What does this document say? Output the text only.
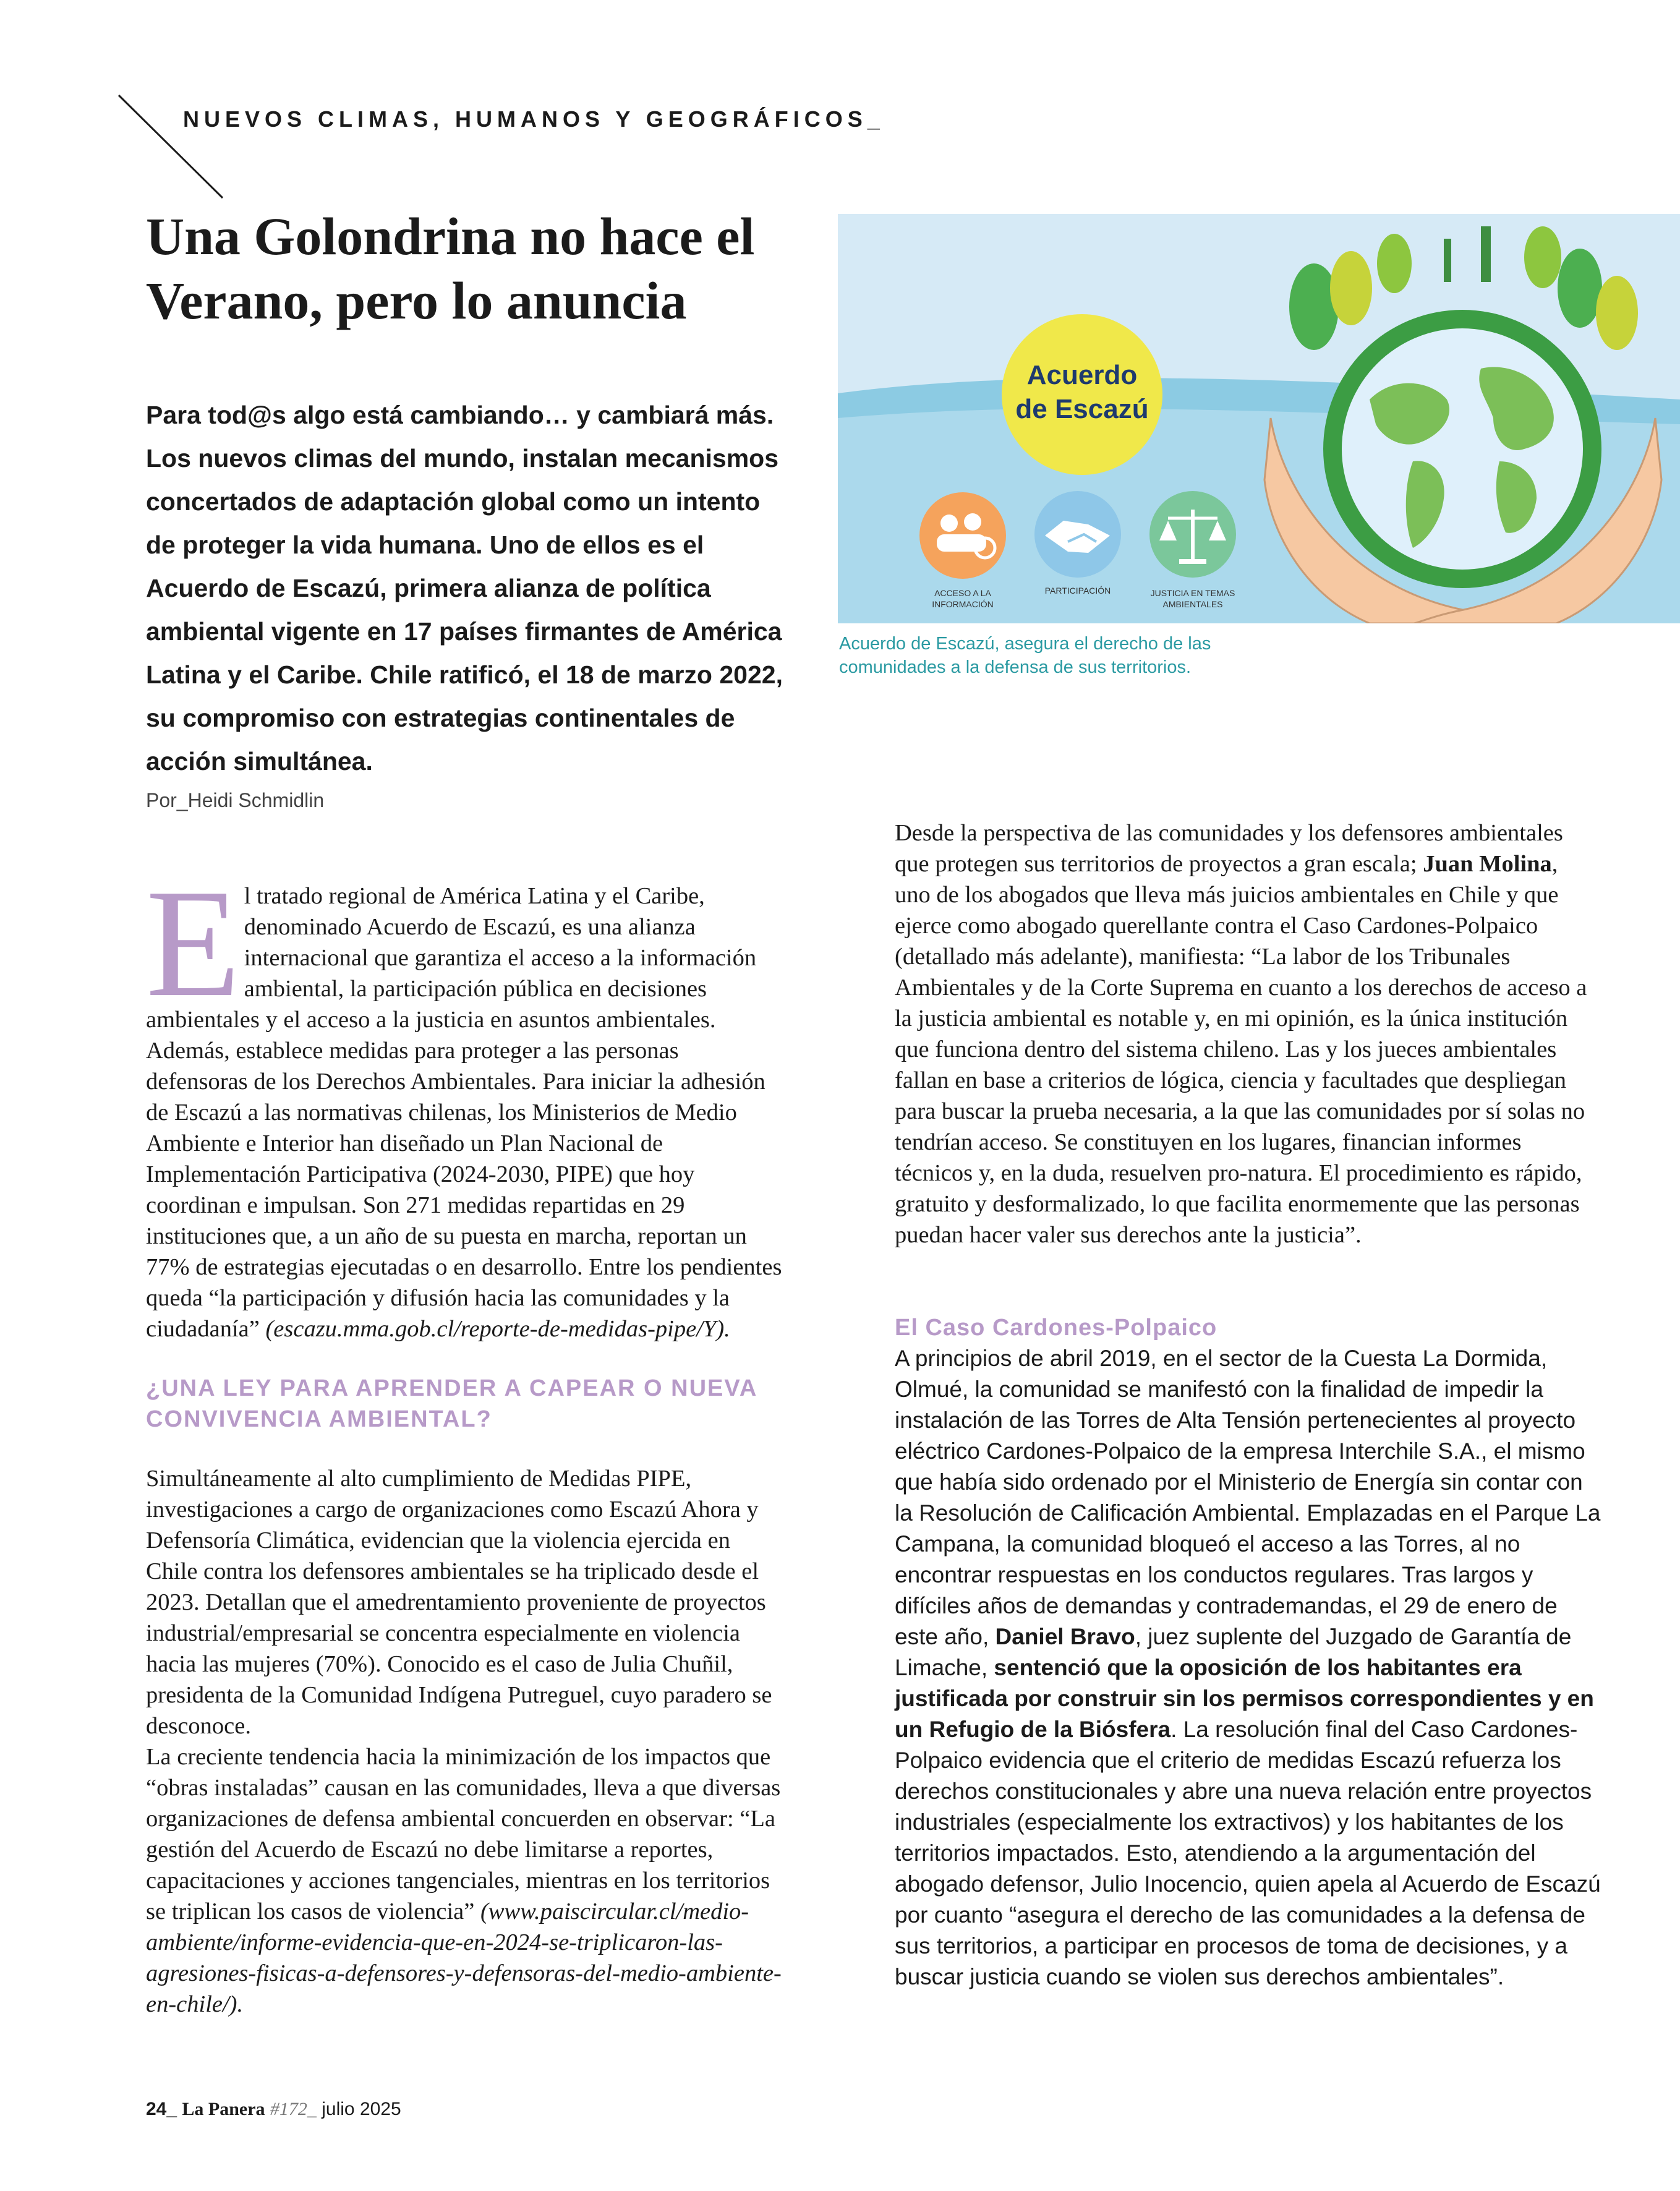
NUEVOS CLIMAS, HUMANOS Y GEOGRÁFICOS_
Una Golondrina no hace el Verano, pero lo anuncia
Para tod@s algo está cambiando… y cambiará más. Los nuevos climas del mundo, instalan mecanismos concertados de adaptación global como un intento de proteger la vida humana. Uno de ellos es el Acuerdo de Escazú, primera alianza de política ambiental vigente en 17 países firmantes de América Latina y el Caribe. Chile ratificó, el 18 de marzo 2022, su compromiso con estrategias continentales de acción simultánea.
Por_Heidi Schmidlin
Acuerdo
de Escazú
ACCESO A LA
INFORMACIÓN
PARTICIPACIÓN	JUSTICIA EN TEMAS
AMBIENTALES
Acuerdo de Escazú, asegura el derecho de las comunidades a la defensa de sus territorios.

El tratado regional de América Latina y el Caribe, denominado Acuerdo de Escazú, es una alianza internacional que garantiza el acceso a la información ambiental, la participación pública en decisiones ambientales y el acceso a la justicia en asuntos ambientales. Además, establece medidas para proteger a las personas defensoras de los Derechos Ambientales. Para iniciar la adhesión de Escazú a las normativas chilenas, los Ministerios de Medio Ambiente e Interior han diseñado un Plan Nacional de Implementación Participativa (2024-2030, PIPE) que hoy coordinan e impulsan. Son 271 medidas repartidas en 29 instituciones que, a un año de su puesta en marcha, reportan un 77% de estrategias ejecutadas o en desarrollo. Entre los pendientes queda “la participación y difusión hacia las comunidades y la ciudadanía” (escazu.mma.gob.cl/reporte-de-medidas-pipe/Y).

¿UNA LEY PARA APRENDER A CAPEAR O NUEVA CONVIVENCIA AMBIENTAL?

Simultáneamente al alto cumplimiento de Medidas PIPE, investigaciones a cargo de organizaciones como Escazú Ahora y Defensoría Climática, evidencian que la violencia ejercida en Chile contra los defensores ambientales se ha triplicado desde el 2023. Detallan que el amedrentamiento proveniente de proyectos industrial/empresarial se concentra especialmente en violencia hacia las mujeres (70%). Conocido es el caso de Julia Chuñil, presidenta de la Comunidad Indígena Putreguel, cuyo paradero se desconoce.

La creciente tendencia hacia la minimización de los impactos que “obras instaladas” causan en las comunidades, lleva a que diversas organizaciones de defensa ambiental concuerden en observar: “La gestión del Acuerdo de Escazú no debe limitarse a reportes, capacitaciones y acciones tangenciales, mientras en los territorios se triplican los casos de violencia” (www.paiscircular.cl/medio-ambiente/informe-evidencia-que-en-2024-se-triplicaron-las-agresiones-fisicas-a-defensores-y-defensoras-del-medio-ambiente-en-chile/).

Desde la perspectiva de las comunidades y los defensores ambientales que protegen sus territorios de proyectos a gran escala; Juan Molina, uno de los abogados que lleva más juicios ambientales en Chile y que ejerce como abogado querellante contra el Caso Cardones-Polpaico (detallado más adelante), manifiesta: “La labor de los Tribunales Ambientales y de la Corte Suprema en cuanto a los derechos de acceso a la justicia ambiental es notable y, en mi opinión, es la única institución que funciona dentro del sistema chileno. Las y los jueces ambientales fallan en base a criterios de lógica, ciencia y facultades que despliegan para buscar la prueba necesaria, a la que las comunidades por sí solas no tendrían acceso. Se constituyen en los lugares, financian informes técnicos y, en la duda, resuelven pro-natura. El procedimiento es rápido, gratuito y desformalizado, lo que facilita enormemente que las personas puedan hacer valer sus derechos ante la justicia”.

El Caso Cardones-Polpaico

A principios de abril 2019, en el sector de la Cuesta La Dormida, Olmué, la comunidad se manifestó con la finalidad de impedir la instalación de las Torres de Alta Tensión pertenecientes al proyecto eléctrico Cardones-Polpaico de la empresa Interchile S.A., el mismo que había sido ordenado por el Ministerio de Energía sin contar con la Resolución de Calificación Ambiental. Emplazadas en el Parque La Campana, la comunidad bloqueó el acceso a las Torres, al no encontrar respuestas en los conductos regulares. Tras largos y difíciles años de demandas y contrademandas, el 29 de enero de este año, Daniel Bravo, juez suplente del Juzgado de Garantía de Limache, sentenció que la oposición de los habitantes era justificada por construir sin los permisos correspondientes y en un Refugio de la Biósfera. La resolución final del Caso Cardones-Polpaico evidencia que el criterio de medidas Escazú refuerza los derechos constitucionales y abre una nueva relación entre proyectos industriales (especialmente los extractivos) y los habitantes de los territorios impactados. Esto, atendiendo a la argumentación del abogado defensor, Julio Inocencio, quien apela al Acuerdo de Escazú por cuanto “asegura el derecho de las comunidades a la defensa de sus territorios, a participar en procesos de toma de decisiones, y a buscar justicia cuando se violen sus derechos ambientales”.

24_ La Panera #172_ julio 2025
